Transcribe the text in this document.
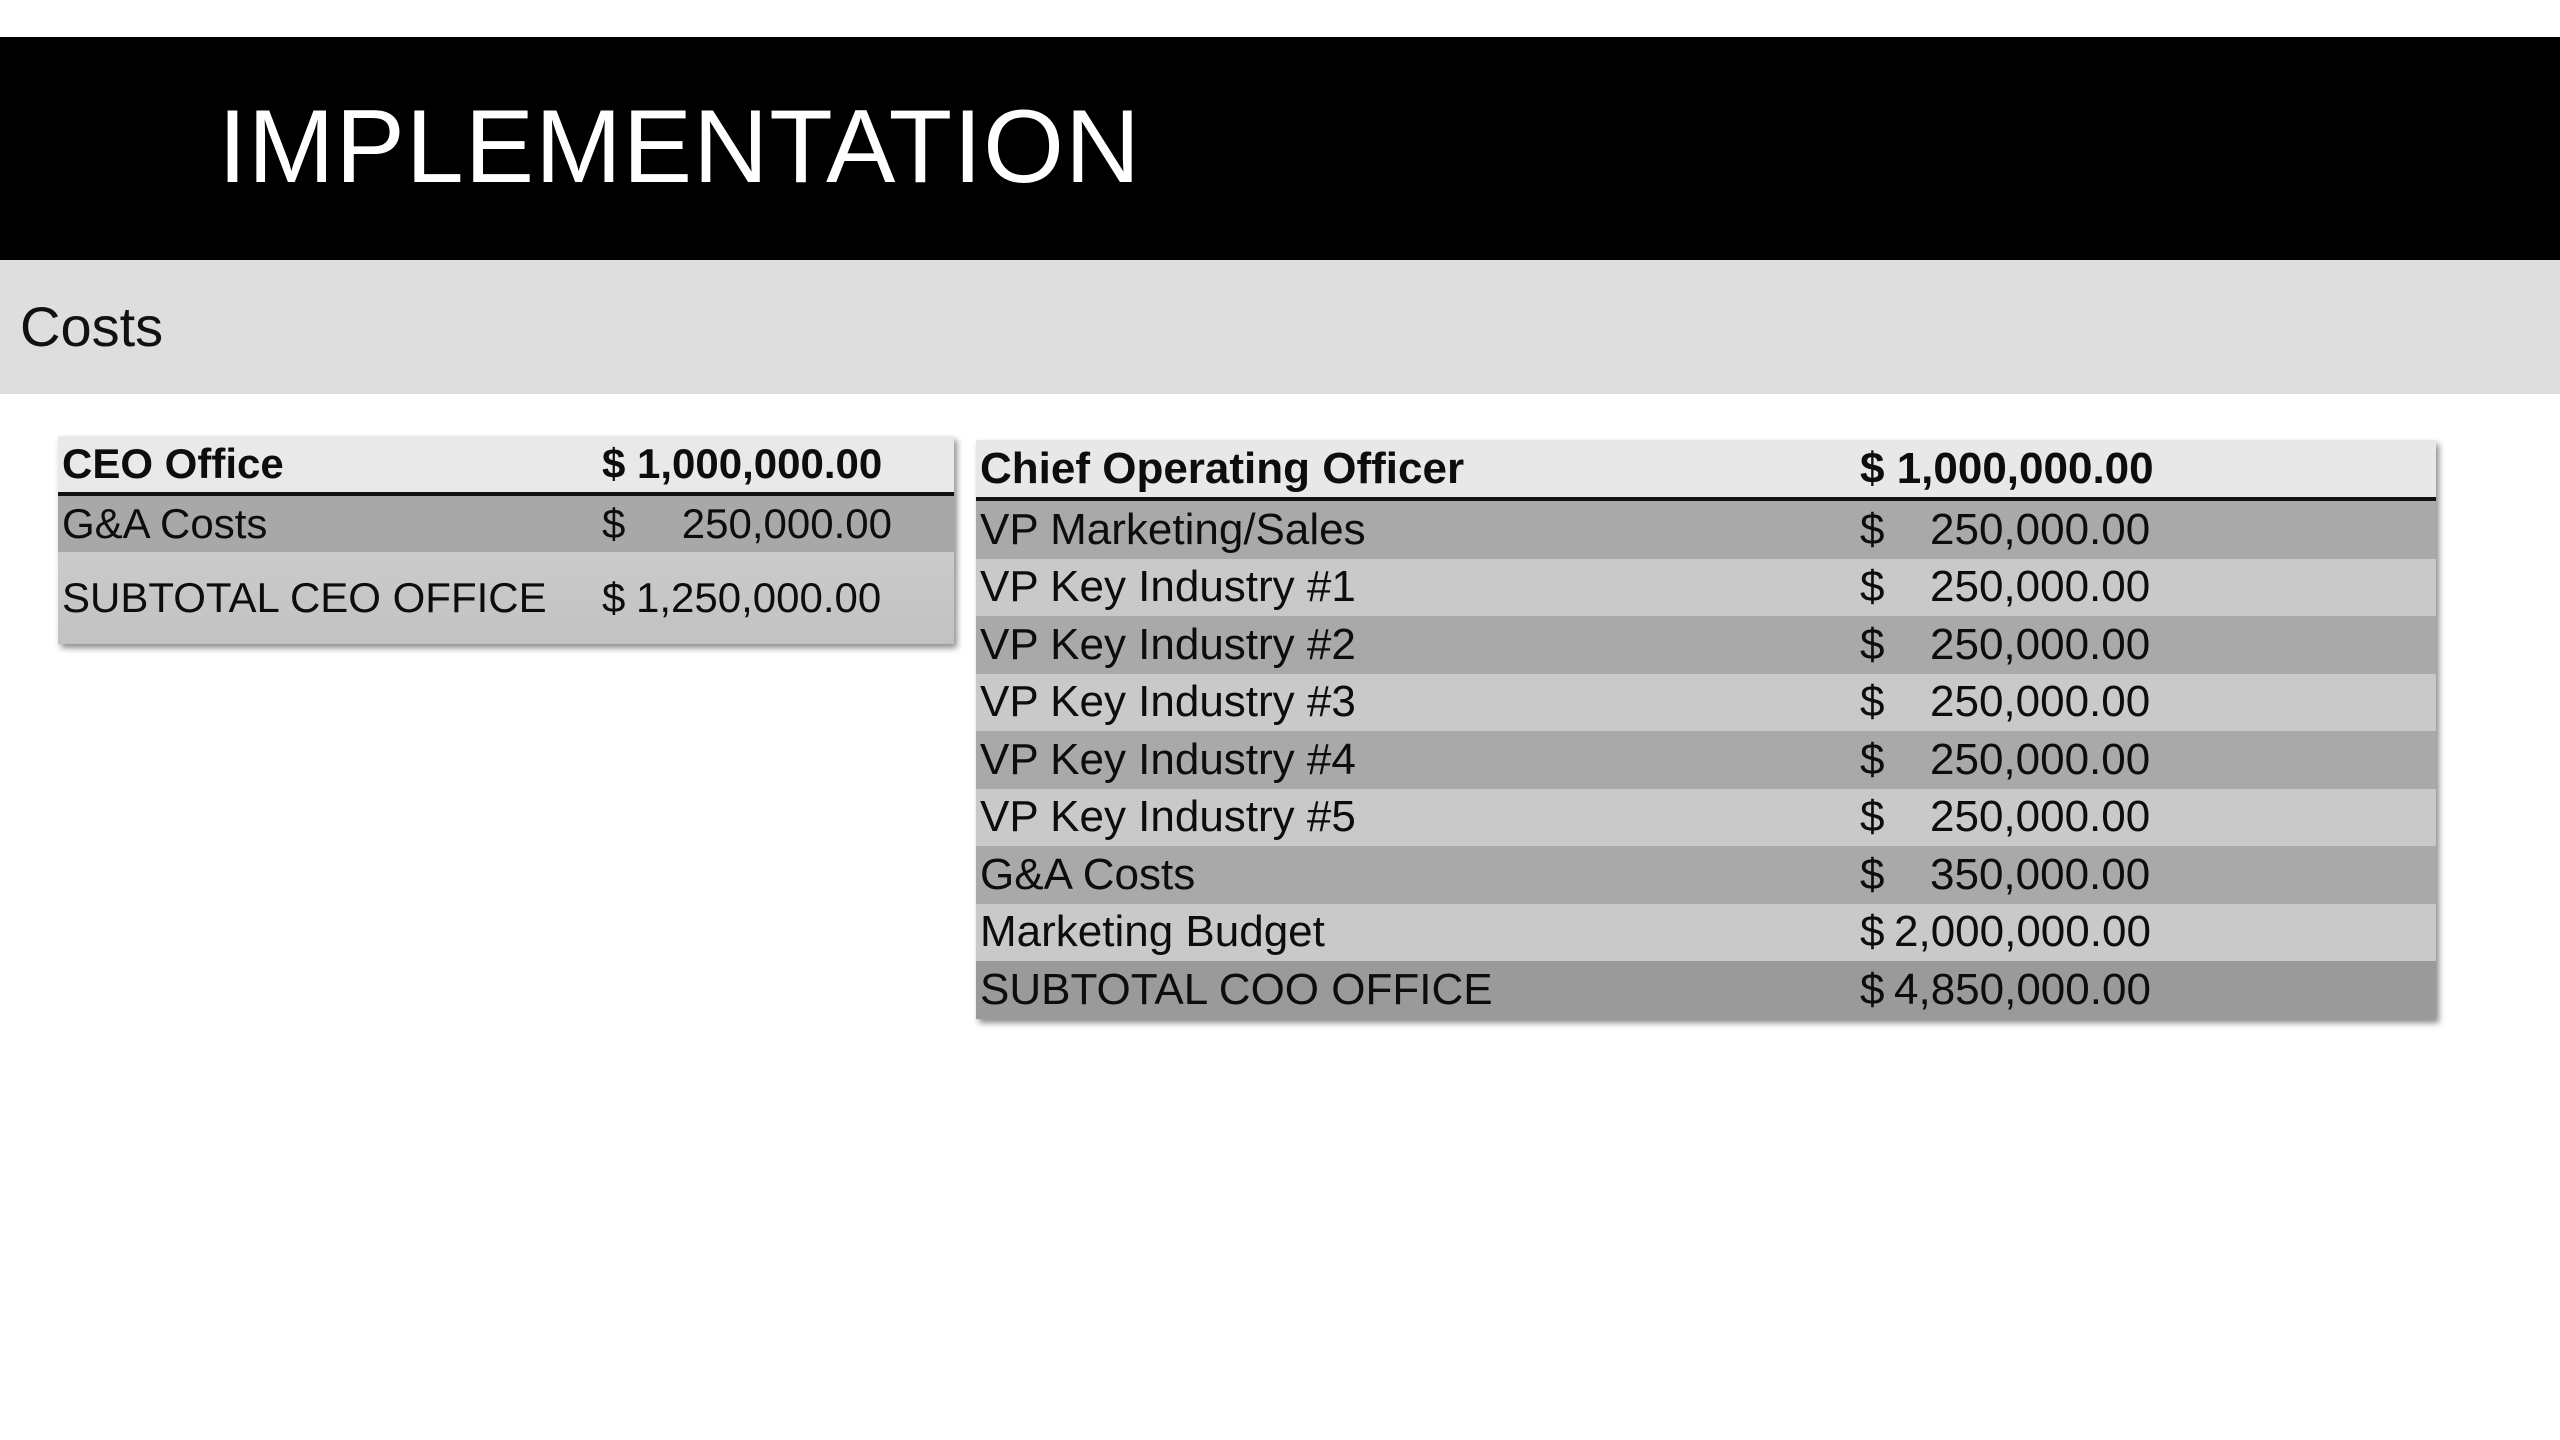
IMPLEMENTATION
Costs
CEO Office	$ 1,000,000.00
G&A Costs	$ 250,000.00
SUBTOTAL CEO OFFICE	$ 1,250,000.00
Chief Operating Officer	$ 1,000,000.00
VP Marketing/Sales	$ 250,000.00
VP Key Industry #1	$ 250,000.00
VP Key Industry #2	$ 250,000.00
VP Key Industry #3	$ 250,000.00
VP Key Industry #4	$ 250,000.00
VP Key Industry #5	$ 250,000.00
G&A Costs	$ 350,000.00
Marketing Budget	$ 2,000,000.00
SUBTOTAL COO OFFICE	$ 4,850,000.00
